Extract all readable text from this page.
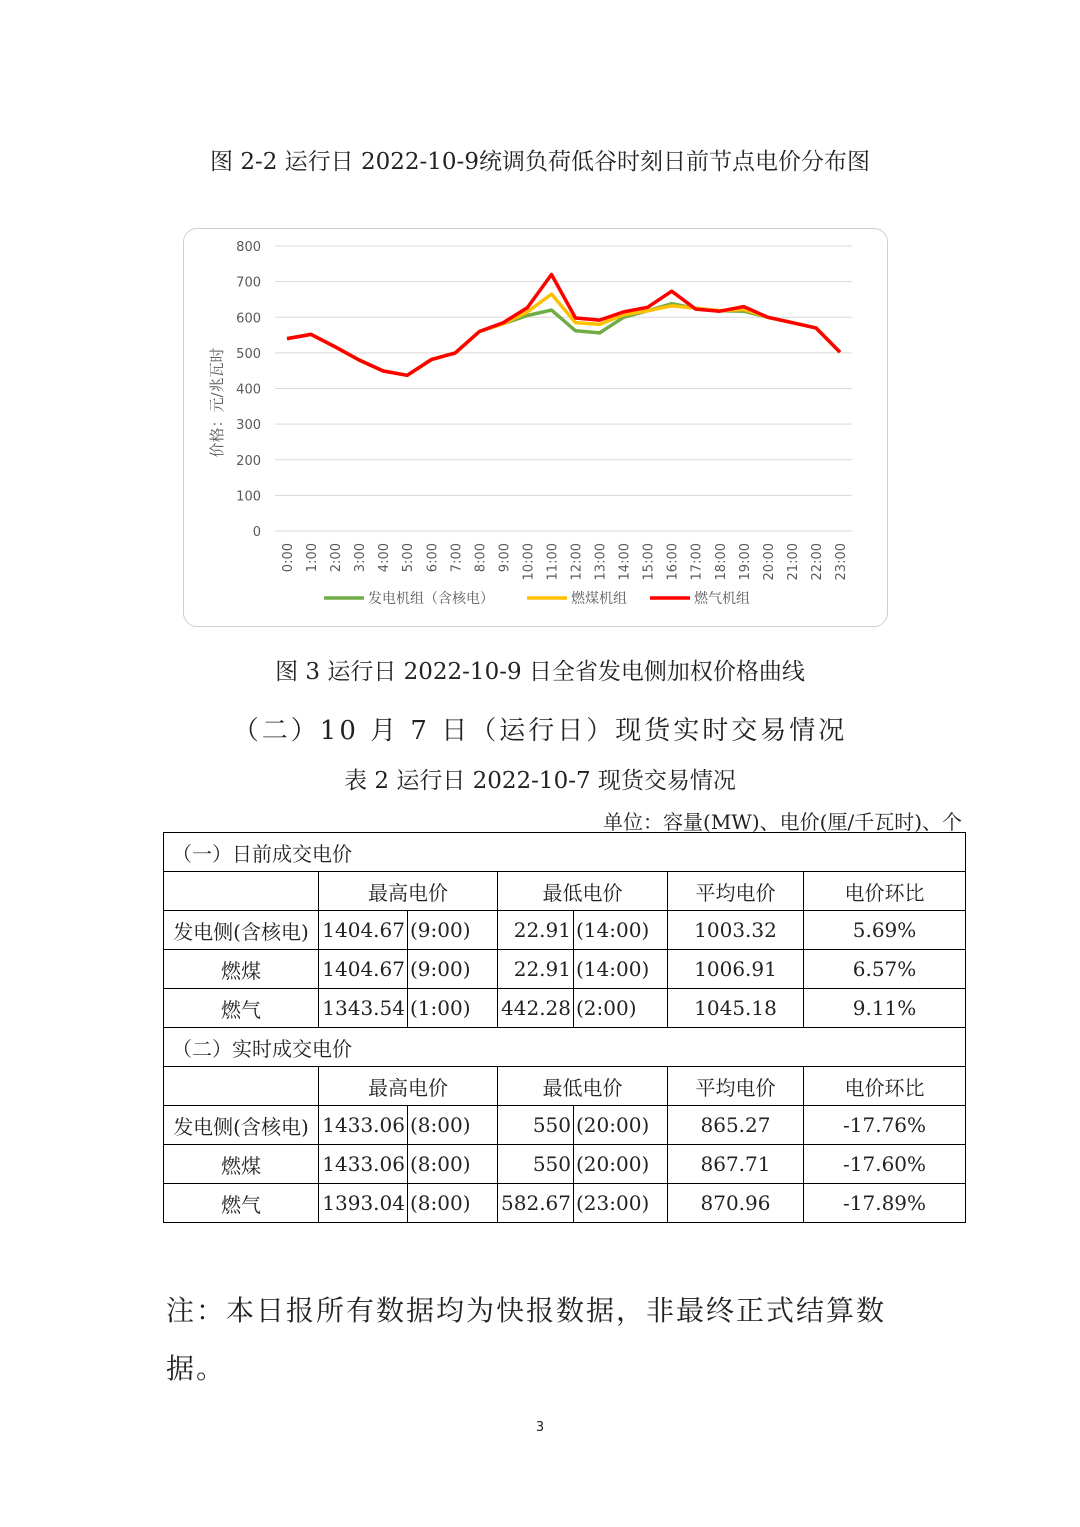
图 2-2 运行日 2022-10-9统调负荷低谷时刻日前节点电价分布图
0
100
200
300
400
500
600
700
800
0:00 1:00 2:00 3:00 4:00 5:00 6:00 7:00 8:00 9:00 10:00 11:00 12:00 13:00 14:00 15:00 16:00 17:00 18:00 19:00 20:00 21:00 22:00 23:00
价格：元/兆瓦时
发电机组（含核电）	燃煤机组	燃气机组
图 3 运行日 2022-10-9 日全省发电侧加权价格曲线
（二）10 月 7 日（运行日）现货实时交易情况
表 2 运行日 2022-10-7 现货交易情况
单位：容量(MW)、电价(厘/千瓦时)、个
（一）日前成交电价						
	最高电价		最低电价		平均电价	电价环比
发电侧(含核电)	1404.67	(9:00)	22.91	(14:00)	1003.32	5.69%
燃煤	1404.67	(9:00)	22.91	(14:00)	1006.91	6.57%
燃气	1343.54	(1:00)	442.28	(2:00)	1045.18	9.11%
（二）实时成交电价						
	最高电价		最低电价		平均电价	电价环比
发电侧(含核电)	1433.06	(8:00)	550	(20:00)	865.27	-17.76%
燃煤	1433.06	(8:00)	550	(20:00)	867.71	-17.60%
燃气	1393.04	(8:00)	582.67	(23:00)	870.96	-17.89%
注：本日报所有数据均为快报数据，非最终正式结算数
据。
3
